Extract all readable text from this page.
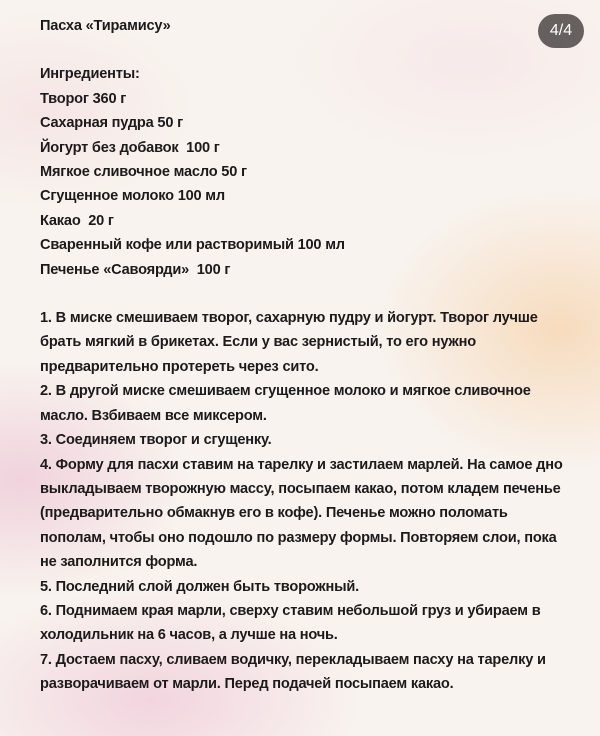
4/4

Пасха «Тирамису»

Ингредиенты:

Творог 360 г
Сахарная пудра 50 г
Йогурт без добавок  100 г
Мягкое сливочное масло 50 г
Сгущенное молоко 100 мл
Какао  20 г
Сваренный кофе или растворимый 100 мл
Печенье «Савоярди»  100 г
1. В миске смешиваем творог, сахарную пудру и йогурт. Творог лучше брать мягкий в брикетах. Если у вас зернистый, то его нужно предварительно протереть через сито.
2. В другой миске смешиваем сгущенное молоко и мягкое сливочное масло. Взбиваем все миксером.
3. Соединяем творог и сгущенку.
4. Форму для пасхи ставим на тарелку и застилаем марлей. На самое дно выкладываем творожную массу, посыпаем какао, потом кладем печенье (предварительно обмакнув его в кофе). Печенье можно поломать пополам, чтобы оно подошло по размеру формы. Повторяем слои, пока не заполнится форма.
5. Последний слой должен быть творожный.
6. Поднимаем края марли, сверху ставим небольшой груз и убираем в холодильник на 6 часов, а лучше на ночь.
7. Достаем пасху, сливаем водичку, перекладываем пасху на тарелку и разворачиваем от марли. Перед подачей посыпаем какао.
